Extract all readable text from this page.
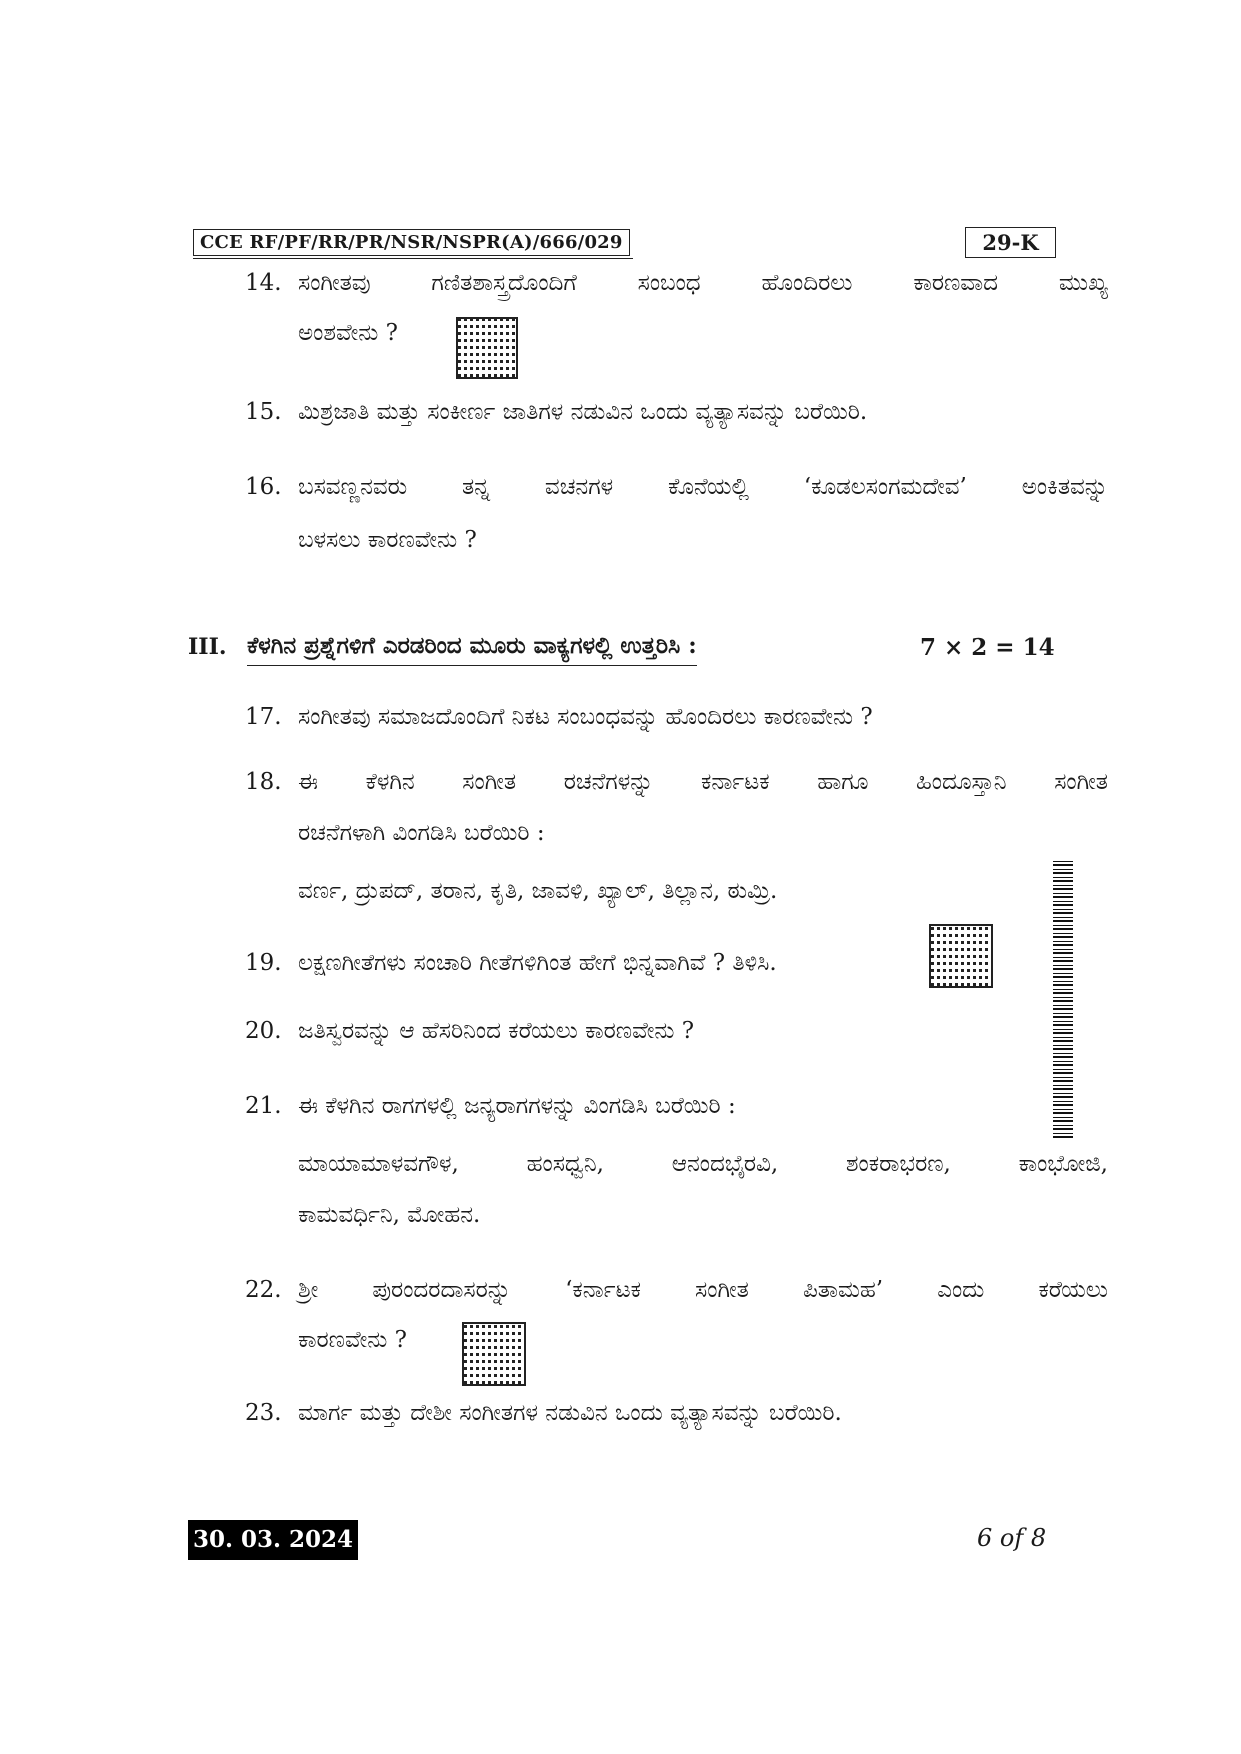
CCE RF/PF/RR/PR/NSR/NSPR(A)/666/029	29-K
14. ಸಂಗೀತವು ಗಣಿತಶಾಸ್ತ್ರದೊಂದಿಗೆ ಸಂಬಂಧ ಹೊಂದಿರಲು ಕಾರಣವಾದ ಮುಖ್ಯ
ಅಂಶವೇನು ?
15. ಮಿಶ್ರಜಾತಿ ಮತ್ತು ಸಂಕೀರ್ಣ ಜಾತಿಗಳ ನಡುವಿನ ಒಂದು ವ್ಯತ್ಯಾಸವನ್ನು ಬರೆಯಿರಿ.
16. ಬಸವಣ್ಣನವರು ತನ್ನ ವಚನಗಳ ಕೊನೆಯಲ್ಲಿ ‘ಕೂಡಲಸಂಗಮದೇವ’ ಅಂಕಿತವನ್ನು
ಬಳಸಲು ಕಾರಣವೇನು ?
III. ಕೆಳಗಿನ ಪ್ರಶ್ನೆಗಳಿಗೆ ಎರಡರಿಂದ ಮೂರು ವಾಕ್ಯಗಳಲ್ಲಿ ಉತ್ತರಿಸಿ :	7 × 2 = 14
17. ಸಂಗೀತವು ಸಮಾಜದೊಂದಿಗೆ ನಿಕಟ ಸಂಬಂಧವನ್ನು ಹೊಂದಿರಲು ಕಾರಣವೇನು ?
18. ಈ ಕೆಳಗಿನ ಸಂಗೀತ ರಚನೆಗಳನ್ನು ಕರ್ನಾಟಕ ಹಾಗೂ ಹಿಂದೂಸ್ತಾನಿ ಸಂಗೀತ
ರಚನೆಗಳಾಗಿ ವಿಂಗಡಿಸಿ ಬರೆಯಿರಿ :
ವರ್ಣ, ದ್ರುಪದ್, ತರಾನ, ಕೃತಿ, ಜಾವಳಿ, ಖ್ಯಾಲ್, ತಿಲ್ಲಾನ, ಠುಮ್ರಿ.
19. ಲಕ್ಷಣಗೀತೆಗಳು ಸಂಚಾರಿ ಗೀತೆಗಳಿಗಿಂತ ಹೇಗೆ ಭಿನ್ನವಾಗಿವೆ ? ತಿಳಿಸಿ.
20. ಜತಿಸ್ವರವನ್ನು ಆ ಹೆಸರಿನಿಂದ ಕರೆಯಲು ಕಾರಣವೇನು ?
21. ಈ ಕೆಳಗಿನ ರಾಗಗಳಲ್ಲಿ ಜನ್ಯರಾಗಗಳನ್ನು ವಿಂಗಡಿಸಿ ಬರೆಯಿರಿ :
ಮಾಯಾಮಾಳವಗೌಳ, ಹಂಸಧ್ವನಿ, ಆನಂದಭೈರವಿ, ಶಂಕರಾಭರಣ, ಕಾಂಭೋಜಿ,
ಕಾಮವರ್ಧಿನಿ, ಮೋಹನ.
22. ಶ್ರೀ ಪುರಂದರದಾಸರನ್ನು ‘ಕರ್ನಾಟಕ ಸಂಗೀತ ಪಿತಾಮಹ’ ಎಂದು ಕರೆಯಲು
ಕಾರಣವೇನು ?
23. ಮಾರ್ಗ ಮತ್ತು ದೇಶೀ ಸಂಗೀತಗಳ ನಡುವಿನ ಒಂದು ವ್ಯತ್ಯಾಸವನ್ನು ಬರೆಯಿರಿ.
30. 03. 2024	6 of 8
